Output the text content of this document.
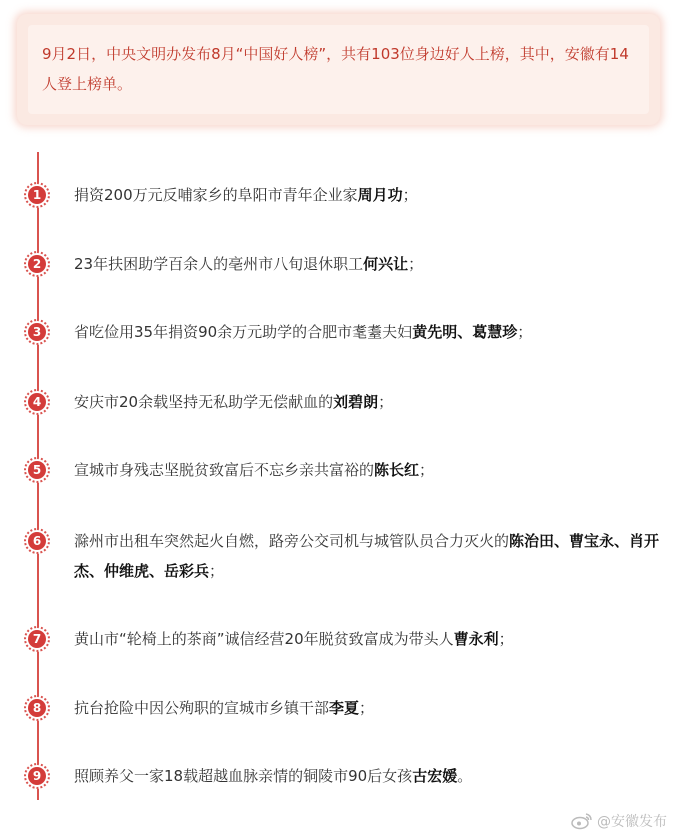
9月2日，中央文明办发布8月“中国好人榜”，共有103位身边好人上榜，其中，安徽有14人登上榜单。
1	捐资200万元反哺家乡的阜阳市青年企业家周月功；
2	23年扶困助学百余人的亳州市八旬退休职工何兴让；
3	省吃俭用35年捐资90余万元助学的合肥市耄耋夫妇黄先明、葛慧珍；
4	安庆市20余载坚持无私助学无偿献血的刘碧朗；
5	宣城市身残志坚脱贫致富后不忘乡亲共富裕的陈长红；
6	滁州市出租车突然起火自燃，路旁公交司机与城管队员合力灭火的陈治田、曹宝永、肖开杰、仲维虎、岳彩兵；
7	黄山市“轮椅上的茶商”诚信经营20年脱贫致富成为带头人曹永利；
8	抗台抢险中因公殉职的宣城市乡镇干部李夏；
9	照顾养父一家18载超越血脉亲情的铜陵市90后女孩古宏媛。
@安徽发布
